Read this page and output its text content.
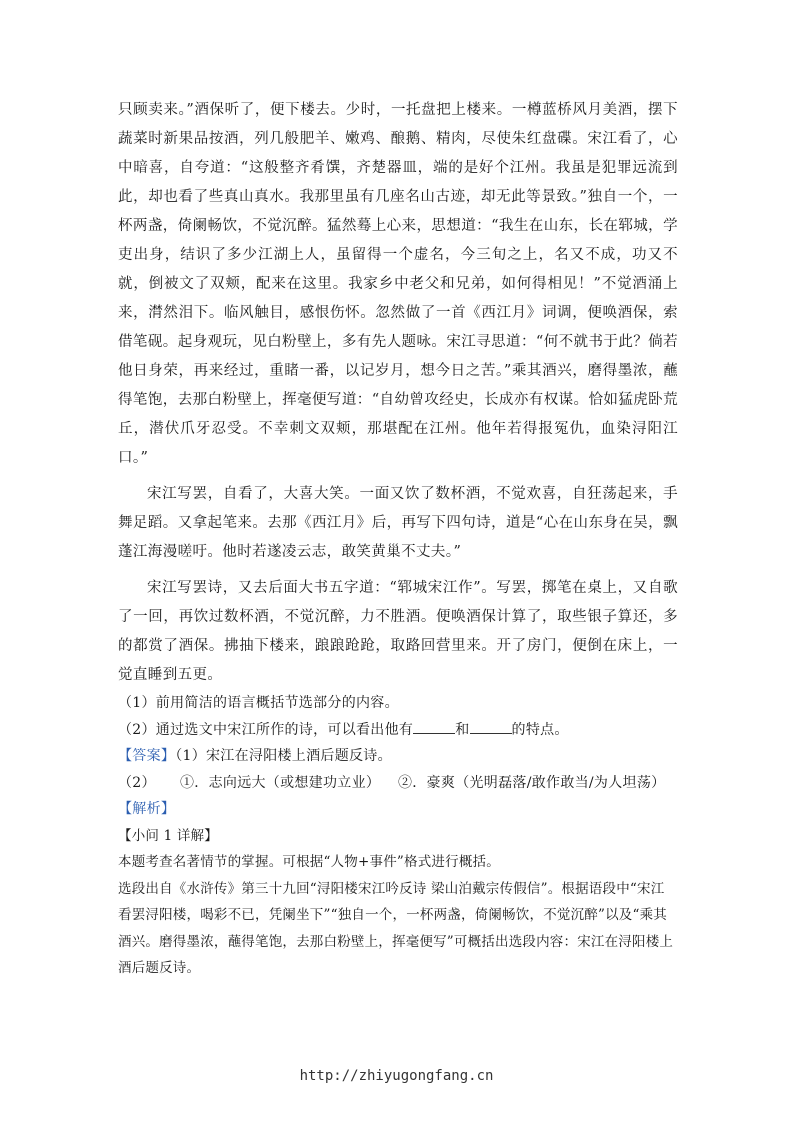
只顾卖来。”酒保听了，便下楼去。少时，一托盘把上楼来。一樽蓝桥风月美酒，摆下蔬菜时新果品按酒，列几般肥羊、嫩鸡、酿鹅、精肉，尽使朱红盘碟。宋江看了，心中暗喜，自夸道：“这般整齐肴馔，齐楚器皿，端的是好个江州。我虽是犯罪远流到此，却也看了些真山真水。我那里虽有几座名山古迹，却无此等景致。”独自一个，一杯两盏，倚阑畅饮，不觉沉醉。猛然蓦上心来，思想道：“我生在山东，长在郓城，学吏出身，结识了多少江湖上人，虽留得一个虚名，今三旬之上，名又不成，功又不就，倒被文了双颊，配来在这里。我家乡中老父和兄弟，如何得相见！”不觉酒涌上来，潸然泪下。临风触目，感恨伤怀。忽然做了一首《西江月》词调，便唤酒保，索借笔砚。起身观玩，见白粉壁上，多有先人题咏。宋江寻思道：“何不就书于此？倘若他日身荣，再来经过，重睹一番，以记岁月，想今日之苦。”乘其酒兴，磨得墨浓，蘸得笔饱，去那白粉壁上，挥毫便写道：“自幼曾攻经史，长成亦有权谋。恰如猛虎卧荒丘，潜伏爪牙忍受。不幸刺文双颊，那堪配在江州。他年若得报冤仇，血染浔阳江口。”

宋江写罢，自看了，大喜大笑。一面又饮了数杯酒，不觉欢喜，自狂荡起来，手舞足蹈。又拿起笔来。去那《西江月》后，再写下四句诗，道是“心在山东身在吴，飘蓬江海漫嗟吁。他时若遂凌云志，敢笑黄巢不丈夫。”

宋江写罢诗，又去后面大书五字道：“郓城宋江作”。写罢，掷笔在桌上，又自歌了一回，再饮过数杯酒，不觉沉醉，力不胜酒。便唤酒保计算了，取些银子算还，多的都赏了酒保。拂抽下楼来，踉踉跄跄，取路回营里来。开了房门，便倒在床上，一觉直睡到五更。

（1）前用简洁的语言概括节选部分的内容。

（2）通过选文中宋江所作的诗，可以看出他有	和	的特点。

【答案】（1）宋江在浔阳楼上酒后题反诗。

（2）	①．志向远大（或想建功立业）	②．豪爽（光明磊落/敢作敢当/为人坦荡）

【解析】

【小问 1 详解】

本题考查名著情节的掌握。可根据“人物+事件”格式进行概括。

选段出自《水浒传》第三十九回“浔阳楼宋江吟反诗 梁山泊戴宗传假信”。根据语段中“宋江看罢浔阳楼，喝彩不已，凭阑坐下”“独自一个，一杯两盏，倚阑畅饮，不觉沉醉”以及“乘其酒兴。磨得墨浓，蘸得笔饱，去那白粉壁上，挥毫便写”可概括出选段内容：宋江在浔阳楼上酒后题反诗。

http://zhiyugongfang.cn
